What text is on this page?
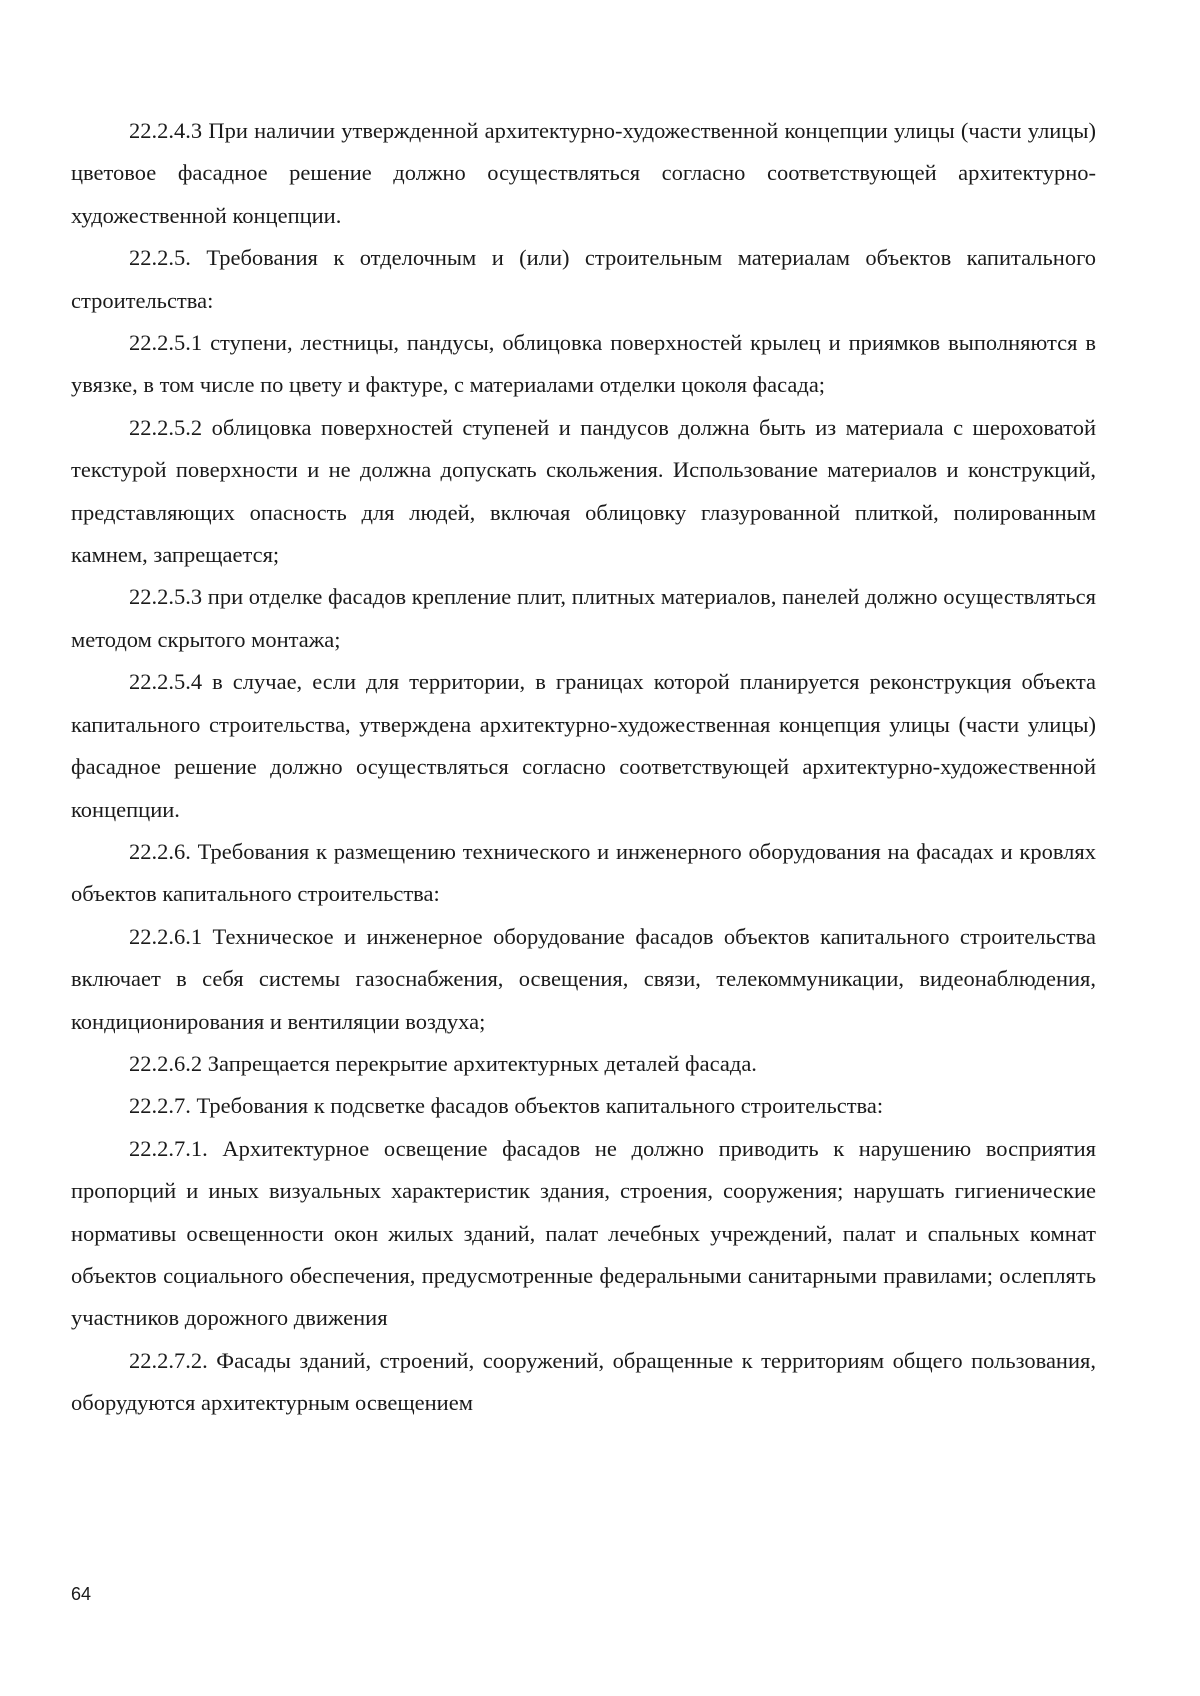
22.2.4.3 При наличии утвержденной архитектурно-художественной концепции улицы (части улицы) цветовое фасадное решение должно осуществляться согласно соответствующей архитектурно-художественной концепции.

22.2.5. Требования к отделочным и (или) строительным материалам объектов капитального строительства:

22.2.5.1 ступени, лестницы, пандусы, облицовка поверхностей крылец и приямков выполняются в увязке, в том числе по цвету и фактуре, с материалами отделки цоколя фасада;

22.2.5.2 облицовка поверхностей ступеней и пандусов должна быть из материала с шероховатой текстурой поверхности и не должна допускать скольжения. Использование материалов и конструкций, представляющих опасность для людей, включая облицовку глазурованной плиткой, полированным камнем, запрещается;

22.2.5.3 при отделке фасадов крепление плит, плитных материалов, панелей должно осуществляться методом скрытого монтажа;

22.2.5.4 в случае, если для территории, в границах которой планируется реконструкция объекта капитального строительства, утверждена архитектурно-художественная концепция улицы (части улицы) фасадное решение должно осуществляться согласно соответствующей архитектурно-художественной концепции.

22.2.6. Требования к размещению технического и инженерного оборудования на фасадах и кровлях объектов капитального строительства:

22.2.6.1 Техническое и инженерное оборудование фасадов объектов капитального строительства включает в себя системы газоснабжения, освещения, связи, телекоммуникации, видеонаблюдения, кондиционирования и вентиляции воздуха;

22.2.6.2 Запрещается перекрытие архитектурных деталей фасада.

22.2.7. Требования к подсветке фасадов объектов капитального строительства:

22.2.7.1. Архитектурное освещение фасадов не должно приводить к нарушению восприятия пропорций и иных визуальных характеристик здания, строения, сооружения; нарушать гигиенические нормативы освещенности окон жилых зданий, палат лечебных учреждений, палат и спальных комнат объектов социального обеспечения, предусмотренные федеральными санитарными правилами; ослеплять участников дорожного движения

22.2.7.2. Фасады зданий, строений, сооружений, обращенные к территориям общего пользования, оборудуются архитектурным освещением

64
